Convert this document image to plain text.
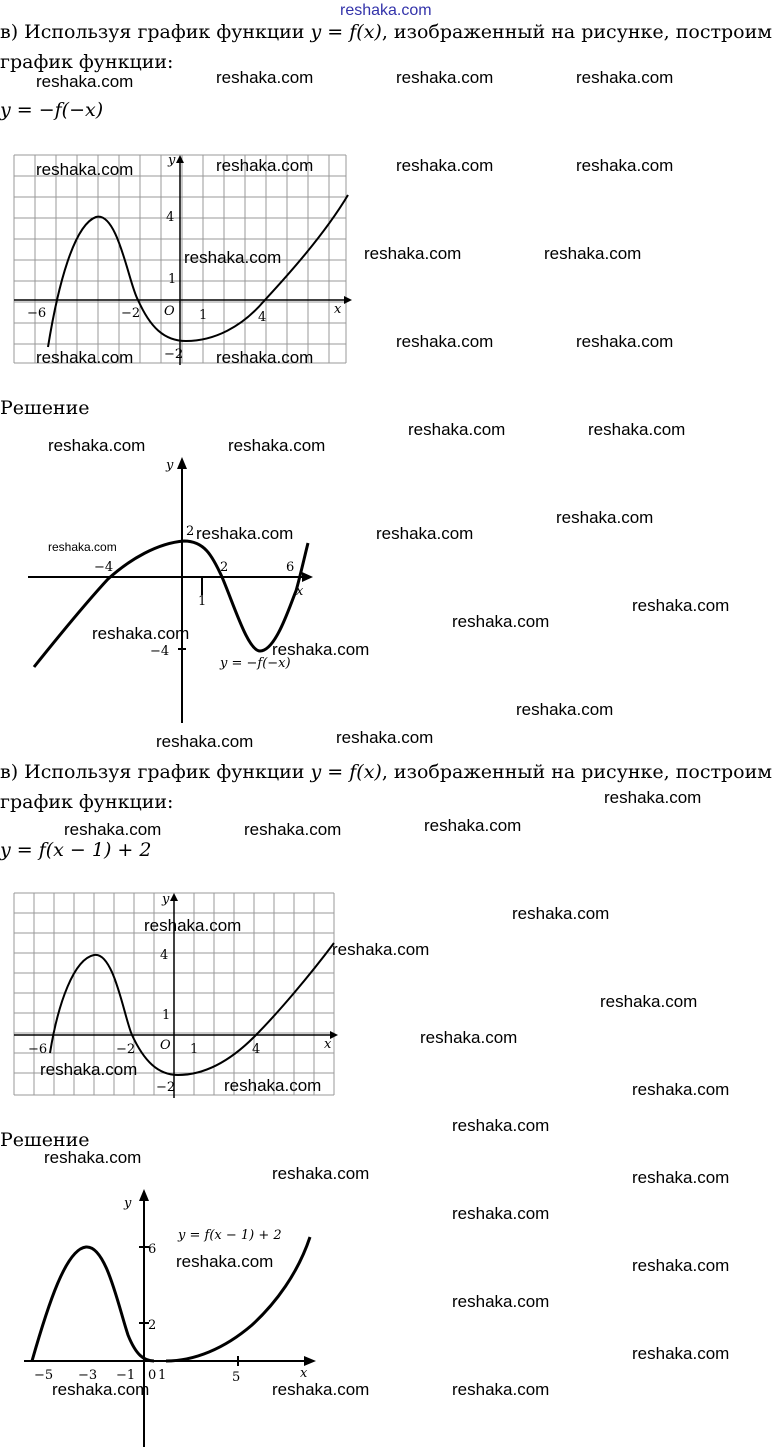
reshaka.com
в) Используя график функции y = f(x), изображенный на рисунке, построим
график функции:
y = −f(−x)
−6	−2 O 1	4
x
y
4
1
−2
Решение
−4
1
2	6
x
y
2
−4
y = −f(−x)
в) Используя график функции y = f(x), изображенный на рисунке, построим
график функции:
y = f(x − 1) + 2
−6	−2 O 1	4	x
y
4
1
−2
Решение
6
2
−5 −3 −1 0 1	5	x
y
y = f(x − 1) + 2
reshaka.com	reshaka.com	reshaka.com	reshaka.com
reshaka.com	reshaka.com	reshaka.com	reshaka.com
reshaka.com	reshaka.com	reshaka.com
reshaka.com	reshaka.com
reshaka.com	reshaka.com
reshaka.com	reshaka.com
reshaka.com	reshaka.com
reshaka.com	reshaka.com
reshaka.com
reshaka.com
reshaka.com
reshaka.com
reshaka.com
reshaka.com
reshaka.com
reshaka.com	reshaka.com
reshaka.com
reshaka.com	reshaka.com	reshaka.com
reshaka.com
reshaka.com
reshaka.com
reshaka.com
reshaka.com
reshaka.com
reshaka.com	reshaka.com
reshaka.com
reshaka.com
reshaka.com	reshaka.com
reshaka.com
reshaka.com	reshaka.com
reshaka.com
reshaka.com
reshaka.com	reshaka.com	reshaka.com
